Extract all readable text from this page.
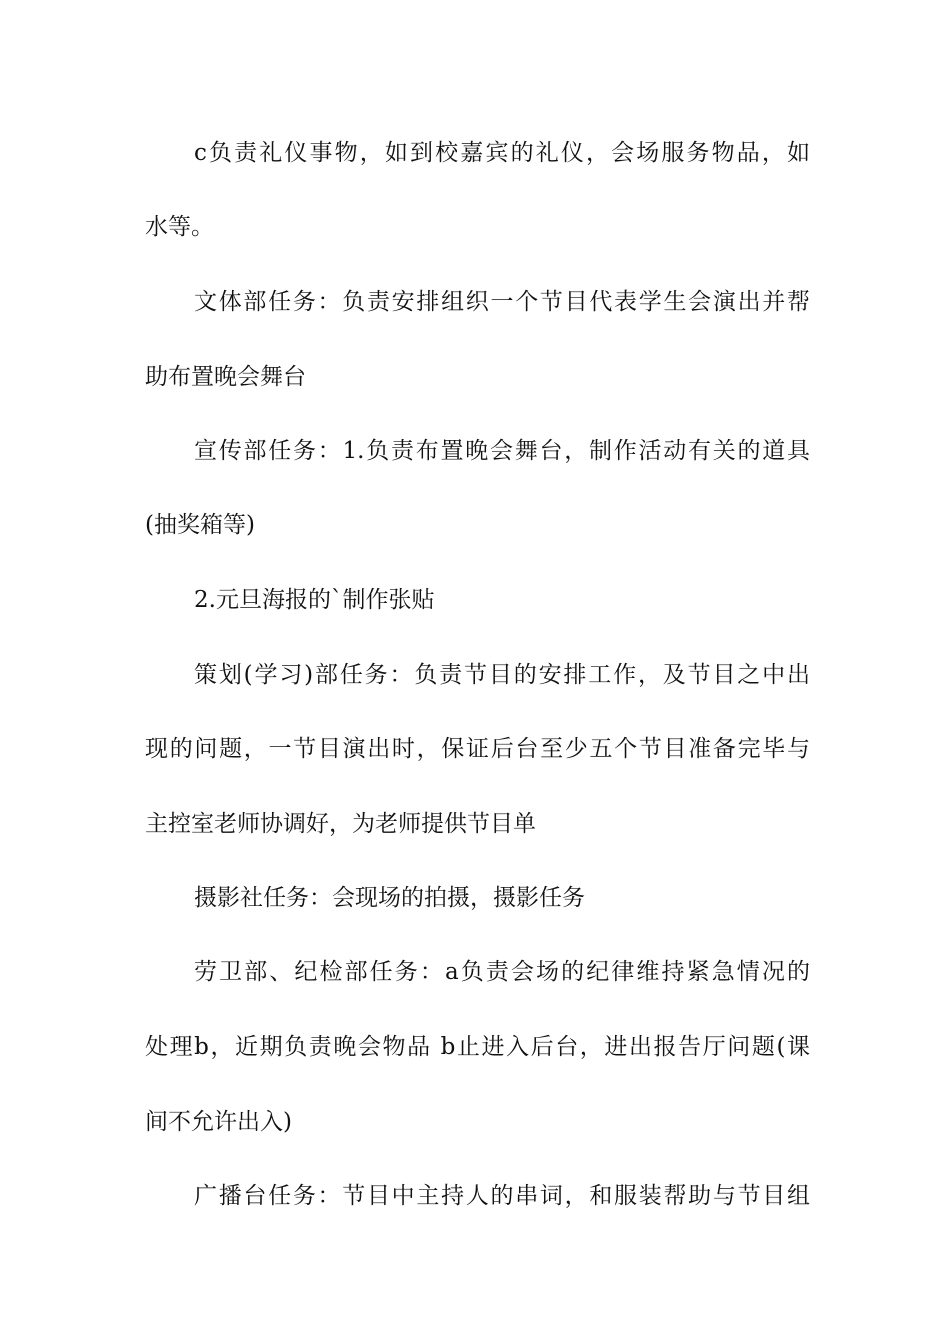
c负责礼仪事物，如到校嘉宾的礼仪，会场服务物品，如
水等。
文体部任务：负责安排组织一个节目代表学生会演出并帮
助布置晚会舞台
宣传部任务：1.负责布置晚会舞台，制作活动有关的道具
(抽奖箱等)
2.元旦海报的`制作张贴
策划(学习)部任务：负责节目的安排工作，及节目之中出
现的问题，一节目演出时，保证后台至少五个节目准备完毕与
主控室老师协调好，为老师提供节目单
摄影社任务：会现场的拍摄，摄影任务
劳卫部、纪检部任务：a负责会场的纪律维持紧急情况的
处理b，近期负责晚会物品 b止进入后台，进出报告厅问题(课
间不允许出入)
广播台任务：节目中主持人的串词，和服装帮助与节目组
